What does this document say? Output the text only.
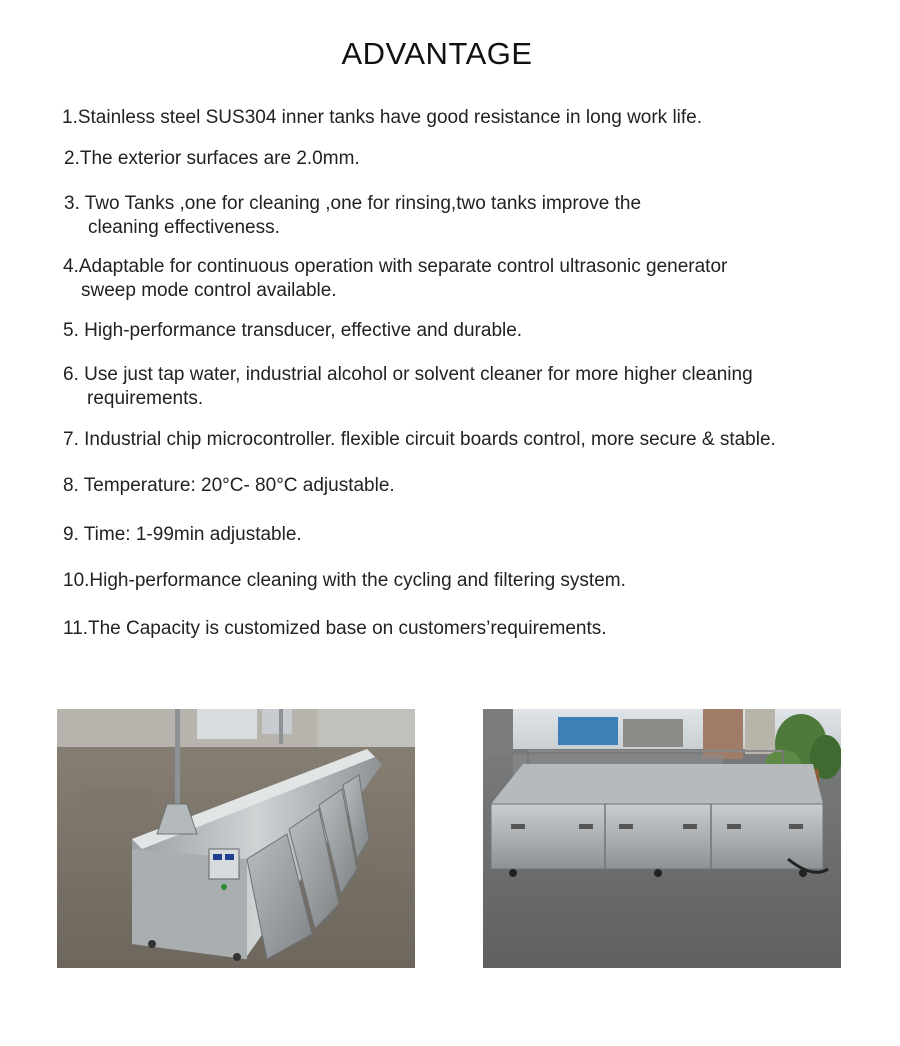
ADVANTAGE
1.Stainless steel SUS304 inner tanks have good resistance in long work life.
2.The exterior surfaces are 2.0mm.
3. Two Tanks ,one for cleaning ,one for rinsing,two tanks improve the
cleaning effectiveness.
4.Adaptable for continuous operation with separate control ultrasonic generator
sweep mode control available.
5. High-performance transducer, effective and durable.
6. Use just tap water, industrial alcohol or solvent cleaner for more higher cleaning
requirements.
7. Industrial chip microcontroller. flexible circuit boards control, more secure & stable.
8. Temperature: 20°C- 80°C adjustable.
9. Time: 1-99min adjustable.
10.High-performance cleaning with the cycling and filtering system.
11.The Capacity is customized base on customers’requirements.
